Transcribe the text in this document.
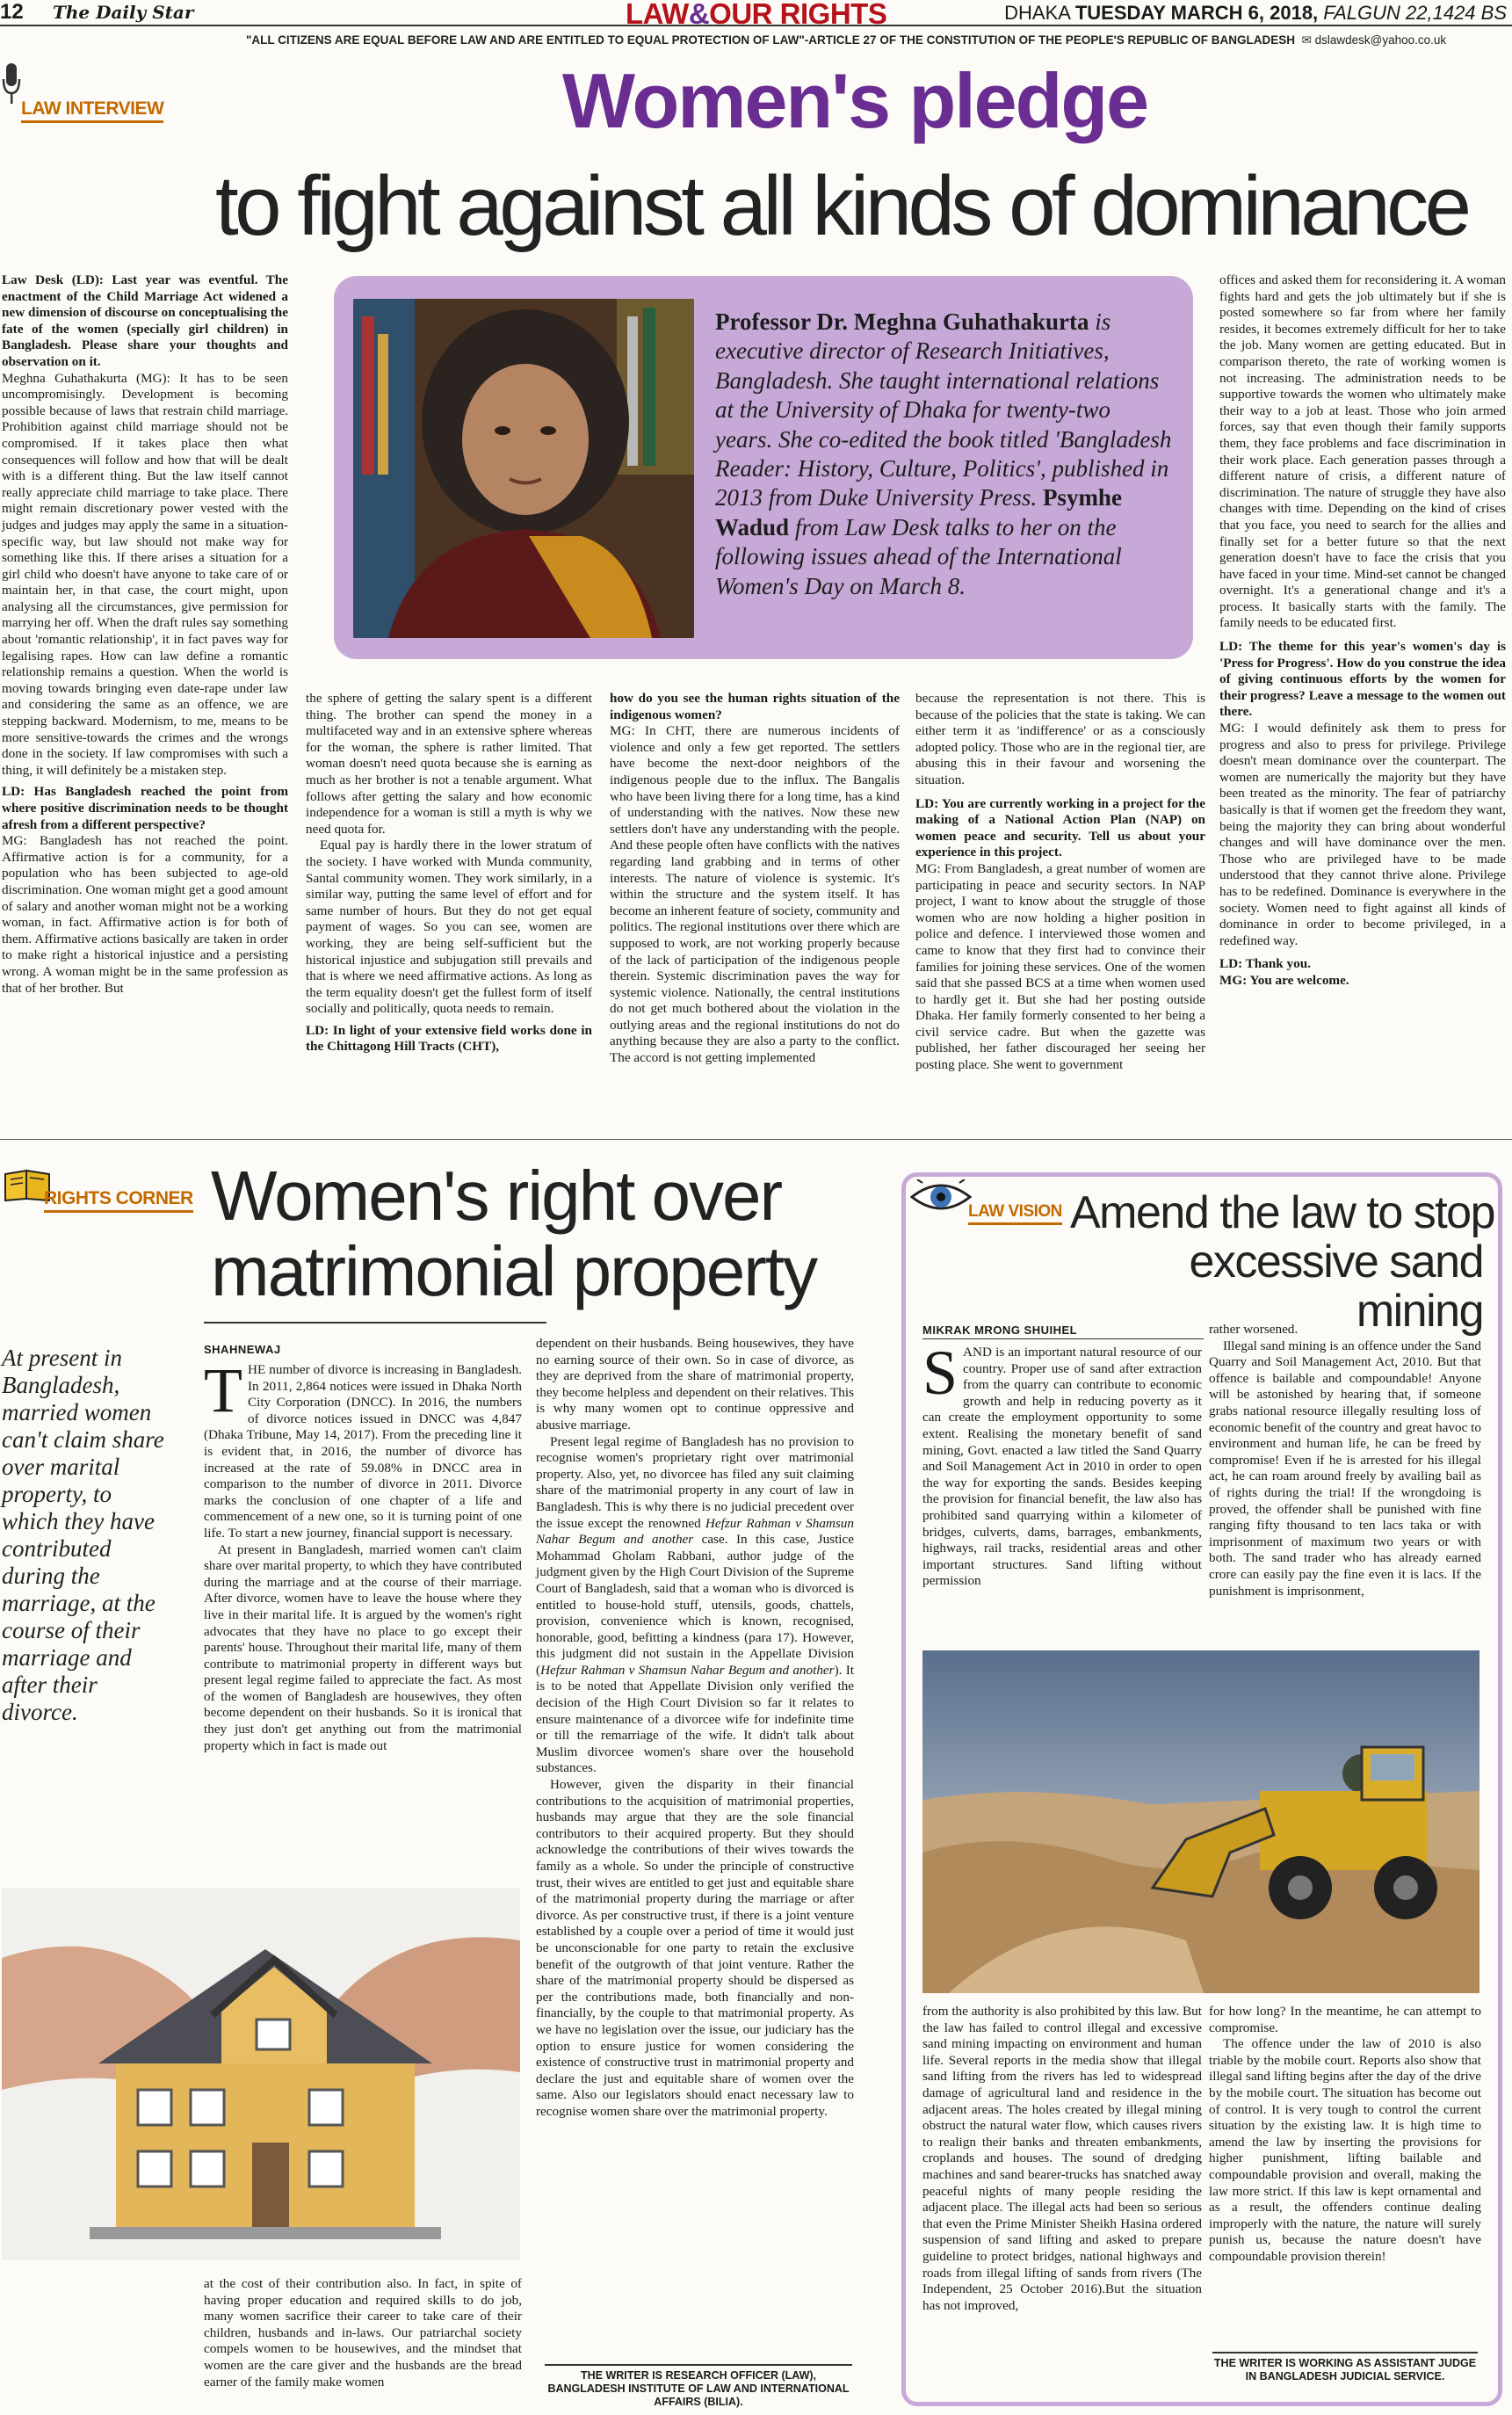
12	The Daily Star	LAW&OUR RIGHTS	DHAKA TUESDAY MARCH 6, 2018, FALGUN 22,1424 BS
"ALL CITIZENS ARE EQUAL BEFORE LAW AND ARE ENTITLED TO EQUAL PROTECTION OF LAW"-ARTICLE 27 OF THE CONSTITUTION OF THE PEOPLE'S REPUBLIC OF BANGLADESH ✉ dslawdesk@yahoo.co.uk
LAW INTERVIEW	Women's pledge
to fight against all kinds of dominance
Professor Dr. Meghna Guhathakurta is executive director of Research Initiatives, Bangladesh. She taught international relations at the University of Dhaka for twenty-two years. She co-edited the book titled 'Bangladesh Reader: History, Culture, Politics', published in 2013 from Duke University Press. Psymhe Wadud from Law Desk talks to her on the following issues ahead of the International Women's Day on March 8.

Law Desk (LD): Last year was eventful. The enactment of the Child Marriage Act widened a new dimension of discourse on conceptualising the fate of the women (specially girl children) in Bangladesh. Please share your thoughts and observation on it.

Meghna Guhathakurta (MG): It has to be seen uncompromisingly. Development is becoming possible because of laws that restrain child marriage. Prohibition against child marriage should not be compromised. If it takes place then what consequences will follow and how that will be dealt with is a different thing. But the law itself cannot really appreciate child marriage to take place. There might remain discretionary power vested with the judges and judges may apply the same in a situation-specific way, but law should not make way for something like this. If there arises a situation for a girl child who doesn't have anyone to take care of or maintain her, in that case, the court might, upon analysing all the circumstances, give permission for marrying her off. When the draft rules say something about 'romantic relationship', it in fact paves way for legalising rapes. How can law define a romantic relationship remains a question. When the world is moving towards bringing even date-rape under law and considering the same as an offence, we are stepping backward. Modernism, to me, means to be more sensitive-towards the crimes and the wrongs done in the society. If law compromises with such a thing, it will definitely be a mistaken step.

LD: Has Bangladesh reached the point from where positive discrimination needs to be thought afresh from a different perspective?

MG: Bangladesh has not reached the point. Affirmative action is for a community, for a population who has been subjected to age-old discrimination. One woman might get a good amount of salary and another woman might not be a working woman, in fact. Affirmative action is for both of them. Affirmative actions basically are taken in order to make right a historical injustice and a persisting wrong. A woman might be in the same profession as that of her brother. But

the sphere of getting the salary spent is a different thing. The brother can spend the money in a multifaceted way and in an extensive sphere whereas for the woman, the sphere is rather limited. That woman doesn't need quota because she is earning as much as her brother is not a tenable argument. What follows after getting the salary and how economic independence for a woman is still a myth is why we need quota for.

Equal pay is hardly there in the lower stratum of the society. I have worked with Munda community, Santal community women. They work similarly, in a similar way, putting the same level of effort and for same number of hours. But they do not get equal payment of wages. So you can see, women are working, they are being self-sufficient but the historical injustice and subjugation still prevails and that is where we need affirmative actions. As long as the term equality doesn't get the fullest form of itself socially and politically, quota needs to remain.

LD: In light of your extensive field works done in the Chittagong Hill Tracts (CHT),

how do you see the human rights situation of the indigenous women?

MG: In CHT, there are numerous incidents of violence and only a few get reported. The settlers have become the next-door neighbors of the indigenous people due to the influx. The Bangalis who have been living there for a long time, has a kind of understanding with the natives. Now these new settlers don't have any understanding with the people. And these people often have conflicts with the natives regarding land grabbing and in terms of other interests. The nature of violence is systemic. It's within the structure and the system itself. It has become an inherent feature of society, community and politics. The regional institutions over there which are supposed to work, are not working properly because of the lack of participation of the indigenous people therein. Systemic discrimination paves the way for systemic violence. Nationally, the central institutions do not get much bothered about the violation in the outlying areas and the regional institutions do not do anything because they are also a party to the conflict. The accord is not getting implemented

because the representation is not there. This is because of the policies that the state is taking. We can either term it as 'indifference' or as a consciously adopted policy. Those who are in the regional tier, are abusing this in their favour and worsening the situation.

LD: You are currently working in a project for the making of a National Action Plan (NAP) on women peace and security. Tell us about your experience in this project.

MG: From Bangladesh, a great number of women are participating in peace and security sectors. In NAP project, I want to know about the struggle of those women who are now holding a higher position in police and defence. I interviewed those women and came to know that they first had to convince their families for joining these services. One of the women said that she passed BCS at a time when women used to hardly get it. But she had her posting outside Dhaka. Her family formerly consented to her being a civil service cadre. But when the gazette was published, her father discouraged her seeing her posting place. She went to government

offices and asked them for reconsidering it. A woman fights hard and gets the job ultimately but if she is posted somewhere so far from where her family resides, it becomes extremely difficult for her to take the job. Many women are getting educated. But in comparison thereto, the rate of working women is not increasing. The administration needs to be supportive towards the women who ultimately make their way to a job at least. Those who join armed forces, say that even though their family supports them, they face problems and face discrimination in their work place. Each generation passes through a different nature of crisis, a different nature of discrimination. The nature of struggle they have also changes with time. Depending on the kind of crises that you face, you need to search for the allies and finally set for a better future so that the next generation doesn't have to face the crisis that you have faced in your time. Mind-set cannot be changed overnight. It's a generational change and it's a process. It basically starts with the family. The family needs to be educated first.

LD: The theme for this year's women's day is 'Press for Progress'. How do you construe the idea of giving continuous efforts by the women for their progress? Leave a message to the women out there.

MG: I would definitely ask them to press for progress and also to press for privilege. Privilege doesn't mean dominance over the counterpart. The women are numerically the majority but they have been treated as the minority. The fear of patriarchy basically is that if women get the freedom they want, being the majority they can bring about wonderful changes and will have dominance over the men. Those who are privileged have to be made understood that they cannot thrive alone. Privilege has to be redefined. Dominance is everywhere in the society. Women need to fight against all kinds of dominance in order to become privileged, in a redefined way.

LD: Thank you.

MG: You are welcome.

RIGHTS CORNER Women's right over
matrimonial property
At present in Bangladesh, married women can't claim share over marital property, to which they have contributed during the marriage, at the course of their marriage and after their divorce.
SHAHNEWAJ

THE number of divorce is increasing in Bangladesh. In 2011, 2,864 notices were issued in Dhaka North City Corporation (DNCC). In 2016, the numbers of divorce notices issued in DNCC was 4,847 (Dhaka Tribune, May 14, 2017). From the preceding line it is evident that, in 2016, the number of divorce has increased at the rate of 59.08% in DNCC area in comparison to the number of divorce in 2011. Divorce marks the conclusion of one chapter of a life and commencement of a new one, so it is turning point of one life. To start a new journey, financial support is necessary.

At present in Bangladesh, married women can't claim share over marital property, to which they have contributed during the marriage and at the course of their marriage. After divorce, women have to leave the house where they live in their marital life. It is argued by the women's right advocates that they have no place to go except their parents' house. Throughout their marital life, many of them contribute to matrimonial property in different ways but present legal regime failed to appreciate the fact. As most of the women of Bangladesh are housewives, they often become dependent on their husbands. So it is ironical that they just don't get anything out from the matrimonial property which in fact is made out

at the cost of their contribution also. In fact, in spite of having proper education and required skills to do job, many women sacrifice their career to take care of their children, husbands and in-laws. Our patriarchal society compels women to be housewives, and the mindset that women are the care giver and the husbands are the bread earner of the family make women

dependent on their husbands. Being housewives, they have no earning source of their own. So in case of divorce, as they are deprived from the share of matrimonial property, they become helpless and dependent on their relatives. This is why many women opt to continue oppressive and abusive marriage.

Present legal regime of Bangladesh has no provision to recognise women's proprietary right over matrimonial property. Also, yet, no divorcee has filed any suit claiming share of the matrimonial property in any court of law in Bangladesh. This is why there is no judicial precedent over the issue except the renowned Hefzur Rahman v Shamsun Nahar Begum and another case. In this case, Justice Mohammad Gholam Rabbani, author judge of the judgment given by the High Court Division of the Supreme Court of Bangladesh, said that a woman who is divorced is entitled to house-hold stuff, utensils, goods, chattels, provision, convenience which is known, recognised, honorable, good, befitting a kindness (para 17). However, this judgment did not sustain in the Appellate Division (Hefzur Rahman v Shamsun Nahar Begum and another). It is to be noted that Appellate Division only verified the decision of the High Court Division so far it relates to ensure maintenance of a divorcee wife for indefinite time or till the remarriage of the wife. It didn't talk about Muslim divorcee women's share over the household substances.

However, given the disparity in their financial contributions to the acquisition of matrimonial properties, husbands may argue that they are the sole financial contributors to their acquired property. But they should acknowledge the contributions of their wives towards the family as a whole. So under the principle of constructive trust, their wives are entitled to get just and equitable share of the matrimonial property during the marriage or after divorce. As per constructive trust, if there is a joint venture established by a couple over a period of time it would just be unconscionable for one party to retain the exclusive benefit of the outgrowth of that joint venture. Rather the share of the matrimonial property should be dispersed as per the contributions made, both financially and non-financially, by the couple to that matrimonial property. As we have no legislation over the issue, our judiciary has the option to ensure justice for women considering the existence of constructive trust in matrimonial property and declare the just and equitable share of women over the same. Also our legislators should enact necessary law to recognise women share over the matrimonial property.

THE WRITER IS RESEARCH OFFICER (LAW), BANGLADESH INSTITUTE OF LAW AND INTERNATIONAL AFFAIRS (BILIA).
LAW VISION Amend the law to stop
excessive sand mining
MIKRAK MRONG SHUIHEL

SAND is an important natural resource of our country. Proper use of sand after extraction from the quarry can contribute to economic growth and help in reducing poverty as it can create the employment opportunity to some extent. Realising the monetary benefit of sand mining, Govt. enacted a law titled the Sand Quarry and Soil Management Act in 2010 in order to open the way for exporting the sands. Besides keeping the provision for financial benefit, the law also has prohibited sand quarrying within a kilometer of bridges, culverts, dams, barrages, embankments, highways, rail tracks, residential areas and other important structures. Sand lifting without permission

rather worsened.

Illegal sand mining is an offence under the Sand Quarry and Soil Management Act, 2010. But that offence is bailable and compoundable! Anyone will be astonished by hearing that, if someone grabs national resource illegally resulting loss of economic benefit of the country and great havoc to environment and human life, he can be freed by compromise! Even if he is arrested for his illegal act, he can roam around freely by availing bail as of rights during the trial! If the wrongdoing is proved, the offender shall be punished with fine ranging fifty thousand to ten lacs taka or with imprisonment of maximum two years or with both. The sand trader who has already earned crore can easily pay the fine even it is lacs. If the punishment is imprisonment,

from the authority is also prohibited by this law. But the law has failed to control illegal and excessive sand mining impacting on environment and human life. Several reports in the media show that illegal sand lifting from the rivers has led to widespread damage of agricultural land and residence in the adjacent areas. The holes created by illegal mining obstruct the natural water flow, which causes rivers to realign their banks and threaten embankments, croplands and houses. The sound of dredging machines and sand bearer-trucks has snatched away peaceful nights of many people residing the adjacent place. The illegal acts had been so serious that even the Prime Minister Sheikh Hasina ordered suspension of sand lifting and asked to prepare guideline to protect bridges, national highways and roads from illegal lifting of sands from rivers (The Independent, 25 October 2016).But the situation has not improved,

for how long? In the meantime, he can attempt to compromise.

The offence under the law of 2010 is also triable by the mobile court. Reports also show that illegal sand lifting begins after the day of the drive by the mobile court. The situation has become out of control. It is very tough to control the current situation by the existing law. It is high time to amend the law by inserting the provisions for higher punishment, lifting bailable and compoundable provision and overall, making the law more strict. If this law is kept ornamental and as a result, the offenders continue dealing improperly with the nature, the nature will surely punish us, because the nature doesn't have compoundable provision therein!

THE WRITER IS WORKING AS ASSISTANT JUDGE IN BANGLADESH JUDICIAL SERVICE.
